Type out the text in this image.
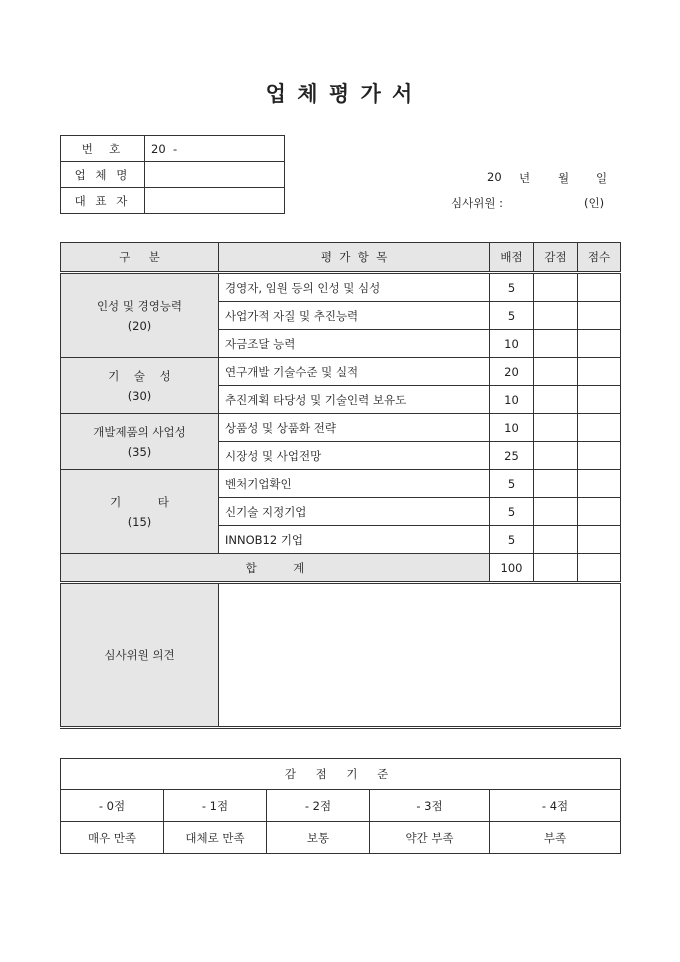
업 체 평 가 서
번  호	20  -
업 체 명	
대 표 자	
20 년 월 일
심사위원 :	(인)
구     분	평  가  항  목	배점	감점	점수

인성 및 경영능력
(20)	경영자, 임원 등의 인성 및 심성	5		
	사업가적 자질 및 추진능력	5		
	자금조달 능력	10		

기    술    성
(30)	연구개발 기술수준 및 실적	20		
	추진계획 타당성 및 기술인력 보유도	10		

개발제품의 사업성
(35)	상품성 및 상품화 전략	10		
	시장성 및 사업전망	25		

기          타
(15)	벤처기업확인	5		
	신기술 지정기업	5		
	INNOB12 기업	5		
합          계		100		
심사위원 의견				
감 점 기 준				
- 0점	- 1점	- 2점	- 3점	- 4점
매우 만족	대체로 만족	보통	약간 부족	부족
